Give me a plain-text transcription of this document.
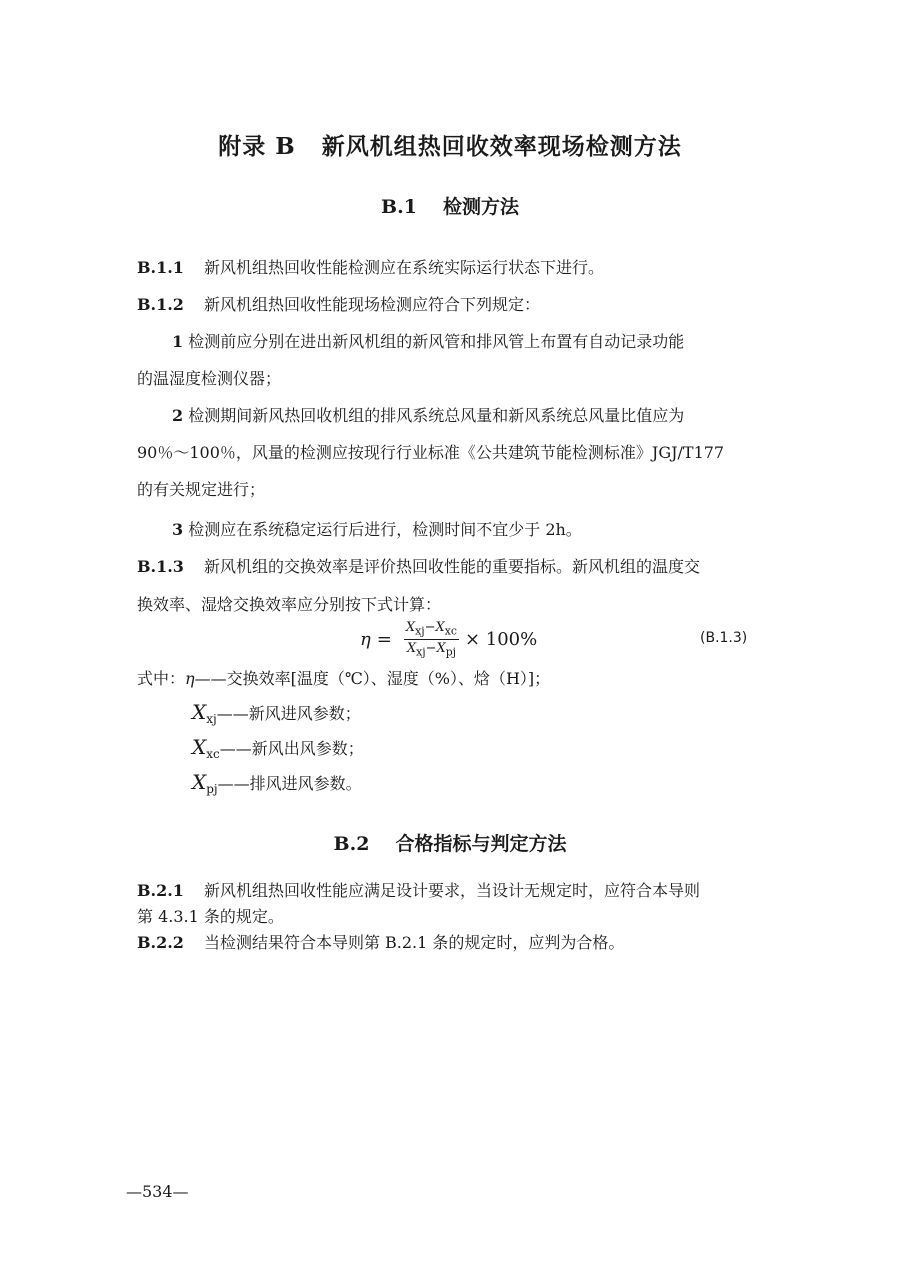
附录 B 新风机组热回收效率现场检测方法
B.1 检测方法
B.1.1 新风机组热回收性能检测应在系统实际运行状态下进行。
B.1.2 新风机组热回收性能现场检测应符合下列规定：
1 检测前应分别在进出新风机组的新风管和排风管上布置有自动记录功能
的温湿度检测仪器；
2 检测期间新风热回收机组的排风系统总风量和新风系统总风量比值应为
90％～100％，风量的检测应按现行行业标准《公共建筑节能检测标准》JGJ/T177
的有关规定进行；
3 检测应在系统稳定运行后进行，检测时间不宜少于 2h。
B.1.3 新风机组的交换效率是评价热回收性能的重要指标。新风机组的温度交
换效率、湿焓交换效率应分别按下式计算：
$\eta = \frac{X_{xj}-X_{xc}}{X_{xj}-X_{pj}} \times 100\%$	(B.1.3)
式中：η——交换效率[温度（℃）、湿度（%）、焓（H）]；
$X_{xj}——$新风进风参数；
$X_{xc}——$新风出风参数；
$X_{pj}——$排风进风参数。
B.2 合格指标与判定方法
B.2.1 新风机组热回收性能应满足设计要求，当设计无规定时，应符合本导则
第 4.3.1 条的规定。
B.2.2 当检测结果符合本导则第 B.2.1 条的规定时，应判为合格。
—534—
